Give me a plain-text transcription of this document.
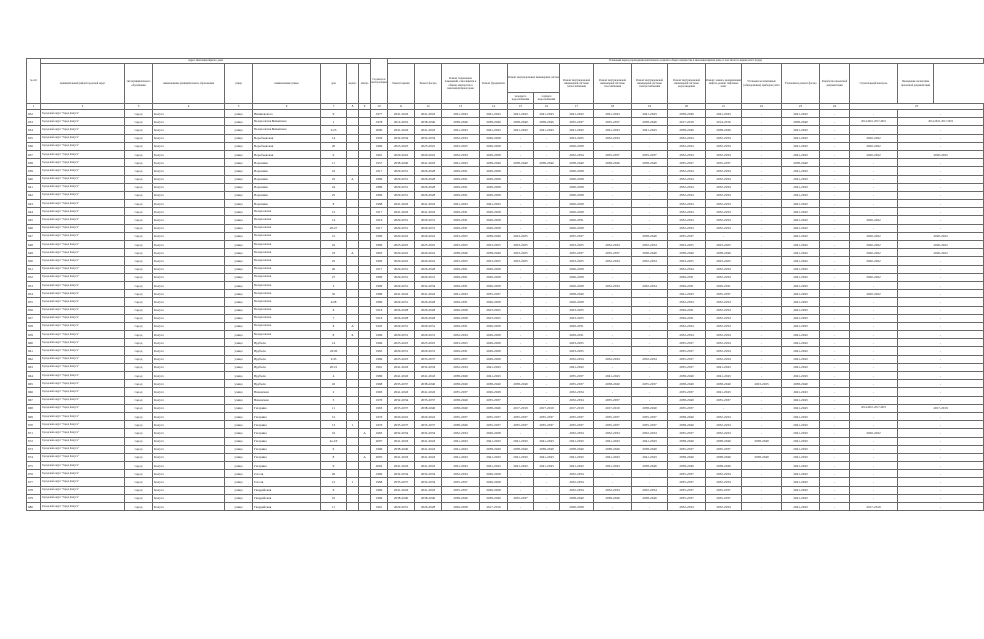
№ п/п	Адрес многоквартирного дома								Год ввода в эксплуатацию	Плановый период проведения капитального ремонта общего имущества в многоквартирном доме, в том числе по видам работ (годы)															
	муниципальный район/городской округ	тип муниципального образования	наименование муниципального образования	улица	наименование улицы	дом	корпус	литера		Ремонт крыши	Ремонт фасада	Ремонт подвальных помещений, относящихся к общему имуществу в многоквартирном доме	Ремонт фундамента	Ремонт внутридомовых инженерных систем		Ремонт внутридомовой инженерной системы теплоснабжения	Ремонт внутридомовой инженерной системы газоснабжения	Ремонт внутридомовой инженерной системы электроснабжения	Ремонт внутридомовой инженерной системы водоотведения	Ремонт, замена, модернизация лифтов, ремонт лифтовых шахт	Установка коллективных (общедомовых) приборов учёта	Утепление и ремонт фасада	Разработка проектной документации	Строительный контроль	Проведение экспертизы проектной документации
														холодного водоснабжения	горячего водоснабжения										
1	2	3	4	5	6	7	8	9	10	11	12	13	14	15	16	17	18	19	20	21	22	23	24	25	
632	Городской округ "Город Калуга"	город	Калуга	улица	Вишневского	9			1977	2041-2043	2041-2043	2041-2043	2041-2043	2041-2043	2041-2043	2041-2043	2041-2043	2041-2043	2038-2040	2041-2043	-	2041-2043	-	-	-
633	Городской округ "Город Калуга"	город	Калуга	улица	Воскресенская Вишневского	1			1978	2014-2016	2038-2040	2038-2040	2038-2040	2038-2040	2038-2040	2035-2037	2035-2037	2038-2040	2017-2019	2014-2016	-	2038-2040	-	2014-2016, 2017-2019	2014-2016, 2017-2019
634	Городской округ "Город Калуга"	город	Калуга	улица	Воскресенская Вишневского	2/23			2000	2041-2043	2041-2043	2041-2043	2041-2043	2041-2043	2041-2043	2041-2043	2041-2043	2041-2043	2038-2040	2038-2040	-	2041-2043	-	-	-
635	Городской округ "Город Калуга"	город	Калуга	улица	Воробьевская	14			1959	2032-2034	2032-2034	2032-2034	2026-2028	-	-	2023-2025	2032-2034	-	2032-2034	2032-2034	-	2041-2043	-	2020-2022	-
636	Городской округ "Город Калуга"	город	Калуга	улица	Воробьевская	20			1960	2023-2025	2023-2025	2023-2025	2026-2028	-	-	2026-2028	-	-	2032-2034	2032-2034	-	2041-2043	-	2020-2022	-
637	Городской округ "Город Калуга"	город	Калуга	улица	Воробьевская	9			1961	2020-2022	2020-2022	2032-2034	2026-2028	-	-	2032-2034	2035-2037	2035-2037	2032-2034	2032-2034	-	2041-2043	-	2020-2022	2020-2022
638	Городской округ "Город Калуга"	город	Калуга	улица	Воронина	11			1957	2038-2040	2041-2043	2041-2043	2038-2040	2038-2040	2038-2040	2038-2040	2038-2040	2038-2040	2035-2037	2035-2037	-	2038-2040	-	-	-
639	Городской округ "Город Калуга"	город	Калуга	улица	Воронина	16			1917	2029-2031	2026-2028	2029-2031	2026-2028	-	-	2026-2028	-	-	2032-2034	2032-2034	-	2041-2043	-	-	-
640	Городской округ "Город Калуга"	город	Калуга	улица	Воронина	22	А		1899	2029-2031	2026-2028	2029-2031	2026-2028	-	-	2026-2028	-	-	2032-2034	2032-2034	-	2041-2043	-	-	-
641	Городской округ "Город Калуга"	город	Калуга	улица	Воронина	24			1880	2029-2031	2026-2028	2029-2031	2026-2028	-	-	2026-2028	-	-	2032-2034	2032-2034	-	2041-2043	-	-	-
642	Городской округ "Город Калуга"	город	Калуга	улица	Воронина	25			1896	2029-2031	2026-2028	2029-2031	2026-2028	-	-	2026-2028	-	-	2032-2034	2032-2034	-	2041-2043	-	-	-
643	Городской округ "Город Калуга"	город	Калуга	улица	Воронина	8			1908	2041-2043	2041-2043	2041-2043	2041-2043	-	-	2026-2028	-	-	2032-2034	2032-2034	-	2041-2043	-	-	-
644	Городской округ "Город Калуга"	город	Калуга	улица	Воскресенская	12			1917	2041-2043	2041-2043	2029-2031	2026-2028	-	-	2026-2028	-	-	2032-2034	2032-2034	-	2041-2043	-	-	-
645	Городской округ "Город Калуга"	город	Калуга	улица	Воскресенская	14			1916	2029-2031	2029-2031	2029-2031	2026-2028	-	-	2026-2031	-	-	2032-2034	2032-2034	-	2041-2043	-	2020-2022	-
646	Городской округ "Город Калуга"	город	Калуга	улица	Воскресенская	20/27			1917	2029-2031	2029-2031	2029-2031	2026-2028	-	-	2026-2028	-	-	2032-2034	2032-2034	-	2041-2043	-	-	-
647	Городской округ "Город Калуга"	город	Калуга	улица	Воскресенская	21			1900	2020-2022	2020-2022	2023-2025	2038-2040	2023-2025	-	2035-2037	-	2038-2040	2035-2037	-	-	2041-2043	-	2020-2022	2020-2022
648	Городской округ "Город Калуга"	город	Калуга	улица	Воскресенская	22			1866	2023-2025	2023-2025	2023-2025	2023-2025	2023-2025	-	2023-2025	2032-2034	2032-2034	2023-2025	2023-2025	-	2041-2043	-	2020-2022	2020-2022
649	Городской округ "Город Калуга"	город	Калуга	улица	Воскресенская	23	А		1863	2020-2022	2020-2022	2038-2040	2038-2040	2023-2025	-	2035-2037	2035-2037	2038-2040	2038-2040	2038-2040	-	2041-2043	-	2020-2022	2020-2022
650	Городской округ "Город Калуга"	город	Калуга	улица	Воскресенская	25			1900	2020-2022	2020-2022	2023-2025	2023-2025	2023-2025	-	2023-2025	2032-2034	2032-2034	2023-2025	2023-2025	-	2041-2043	-	2020-2022	-
651	Городской округ "Город Калуга"	город	Калуга	улица	Воскресенская	26			1917	2029-2031	2026-2028	2029-2031	2026-2028	-	-	2026-2028	-	-	2032-2034	2032-2034	-	2041-2043	-	-	-
652	Городской округ "Город Калуга"	город	Калуга	улица	Воскресенская	27			1899	2029-2031	2029-2031	2029-2031	2026-2028	-	-	2026-2028	-	-	2029-2031	2032-2034	-	2041-2043	-	2020-2022	-
653	Городской округ "Город Калуга"	город	Калуга	улица	Воскресенская	3			1909	2029-2031	2032-2034	2029-2031	2026-2028	-	-	2026-2028	2032-2034	2032-2034	2029-2031	2029-2031	-	2041-2043	-	-	-
654	Городской округ "Город Калуга"	город	Калуга	улица	Воскресенская	32			1986	2041-2043	2041-2043	2041-2043	2035-2037	-	-	2038-2040	-	-	2041-2043	2035-2037	-	2041-2043	-	2020-2022	-
655	Городской округ "Город Калуга"	город	Калуга	улица	Воскресенская	4/28			1899	2029-2031	2026-2028	2029-2031	2026-2028	-	-	2026-2028	-	-	2032-2034	2032-2034	-	2041-2043	-	-	-
656	Городской округ "Город Калуга"	город	Калуга	улица	Воскресенская	6			1916	2026-2028	2026-2028	2026-2028	2023-2025	-	-	2023-2025	-	-	2029-2031	2032-2034	-	2041-2043	-	-	-
657	Городской округ "Город Калуга"	город	Калуга	улица	Воскресенская	7			1916	2026-2028	2026-2028	2026-2028	2023-2025	-	-	2023-2025	-	-	2029-2031	2032-2034	-	2041-2043	-	-	-
658	Городской округ "Город Калуга"	город	Калуга	улица	Воскресенская	8	А		1903	2029-2031	2029-2031	2029-2031	2026-2028	-	-	2029-2031	-	-	2032-2034	2032-2034	-	2041-2043	-	-	-
659	Городской округ "Город Калуга"	город	Калуга	улица	Воскресенская	8	Б		1906	2029-2031	2029-2031	2032-2034	2026-2028	-	-	2029-2031	-	-	2032-2034	2032-2034	-	2041-2043	-	-	-
660	Городской округ "Город Калуга"	город	Калуга	улица	Врубеля	14			1966	2023-2025	2023-2025	2023-2025	2026-2028	-	-	2023-2025	-	-	2035-2037	2032-2034	-	2041-2043	-	-	-
661	Городской округ "Город Калуга"	город	Калуга	улица	Врубеля	18/20			1963	2029-2031	2029-2031	2029-2031	2026-2028	-	-	2023-2025	-	-	2035-2037	2032-2034	-	2041-2043	-	-	-
662	Городской округ "Город Калуга"	город	Калуга	улица	Врубеля	2/45			1969	2023-2025	2035-2037	2035-2037	2026-2028	-	-	2032-2034	2032-2034	2032-2034	2035-2037	2032-2034	-	2041-2043	-	-	-
663	Городской округ "Город Калуга"	город	Калуга	улица	Врубеля	20/21			1961	2041-2043	2032-2034	2032-2034	2041-2043	-	-	2041-2043	-	-	2035-2037	2041-2043	-	2041-2043	-	-	-
664	Городской округ "Город Калуга"	город	Калуга	улица	Врубеля	4			1986	2041-2043	2041-2043	2038-2040	2041-2043	-	-	2035-2037	2041-2043	-	2038-2040	2041-2043	-	2041-2043	-	-	-
665	Городской округ "Город Калуга"	город	Калуга	улица	Врубеля	45			1968	2035-2037	2038-2040	2038-2040	2038-2040	2038-2040	-	2035-2037	2038-2040	2035-2037	2038-2040	2038-2040	2023-2025	2038-2040	-	-	-
666	Городской округ "Город Калуга"	город	Калуга	улица	Вяземская	2			1963	2041-2043	2041-2043	2035-2037	2026-2028	-	-	2032-2034	-	-	2035-2037	2041-2043	-	2041-2043	-	-	-
667	Городской округ "Город Калуга"	город	Калуга	улица	Вяземская	3			1970	2032-2034	2035-2037	2038-2040	2035-2037	-	-	2032-2034	2035-2037	-	2038-2040	2035-2037	-	2041-2043	-	-	-
668	Городской округ "Город Калуга"	город	Калуга	улица	Гагарина	11			1963	2035-2037	2038-2040	2038-2040	2038-2040	2017-2019	2017-2019	2017-2019	2017-2019	2038-2040	2035-2037	-	-	2041-2043	-	2014-2016, 2017-2019	2017-2019
669	Городской округ "Город Калуга"	город	Калуга	улица	Гагарина	12			1976	2020-2022	2020-2022	2035-2037	2035-2037	2035-2037	2035-2037	2035-2037	2035-2037	2035-2037	2038-2040	2032-2034	-	2041-2043	-	-	-
670	Городской округ "Город Калуга"	город	Калуга	улица	Гагарина	13	1		1976	2035-2037	2035-2037	2038-2040	2035-2037	2035-2037	2035-2037	2035-2037	2035-2037	2035-2037	2038-2040	2032-2034	-	2041-2043	-	-	-
671	Городской округ "Город Калуга"	город	Калуга	улица	Гагарина	16		А	1963	2032-2034	2032-2034	2032-2034	2026-2028	-	-	2032-2034	2032-2034	2032-2034	2035-2037	2032-2034	-	2041-2043	-	2020-2022	-
672	Городской округ "Город Калуга"	город	Калуга	улица	Гагарина	4а-4Т			2007	2041-2043	2041-2043	2041-2043	2041-2043	2041-2043	2041-2043	2041-2043	2041-2043	2041-2043	2038-2040	2038-2040	2038-2040	2041-2043	-	-	-
673	Городской округ "Город Калуга"	город	Калуга	улица	Гагарина	6			1966	2038-2040	2041-2043	2041-2043	2038-2040	2038-2040	2038-2040	2038-2040	2038-2040	2038-2040	2035-2037	2035-2037	-	2041-2043	-	-	-
674	Городской округ "Город Калуга"	город	Калуга	улица	Гагарина	8		А	2005	2041-2043	2041-2043	2041-2043	2041-2043	2041-2043	2041-2043	2041-2043	2041-2043	2041-2043	2038-2040	2038-2040	2038-2040	2041-2043	-	-	-
675	Городской округ "Город Калуга"	город	Калуга	улица	Гагарина	9			2002	2041-2043	2041-2043	2041-2043	2041-2043	2041-2043	2041-2043	2041-2043	2041-2043	2038-2040	2038-2040	2038-2040	-	2041-2043	-	-	-
676	Городской округ "Город Калуга"	город	Калуга	улица	Гоголя	26			1960	2032-2034	2032-2034	2032-2034	2026-2028	-	-	2032-2034	-	-	2035-2037	2032-2034	-	2041-2043	-	-	-
677	Городской округ "Город Калуга"	город	Калуга	улица	Гоголя	12	1		1968	2035-2037	2032-2034	2035-2037	2026-2028	-	-	2032-2034	-	-	2035-2037	2032-2034	-	2041-2043	-	-	-
678	Городской округ "Город Калуга"	город	Калуга	улица	Гвардейская	6			1960	2041-2043	2041-2043	2035-2037	2026-2028	-	-	2032-2034	2032-2034	2032-2034	2035-2037	2035-2037	-	2041-2043	-	-	-
679	Городской округ "Город Калуга"	город	Калуга	улица	Гвардейская	10			1966	2038-2040	2038-2040	2038-2040	2038-2040	2035-2037	-	2038-2040	2038-2040	2038-2040	2035-2037	2035-2037	-	2041-2043	-	-	-
680	Городской округ "Город Калуга"	город	Калуга	улица	Гвардейская	11			1961	2029-2031	2026-2028	2026-2028	2017-2019	-	-	2026-2028	-	-	2032-2034	2032-2034	-	2041-2043	-	2017-2019	-
